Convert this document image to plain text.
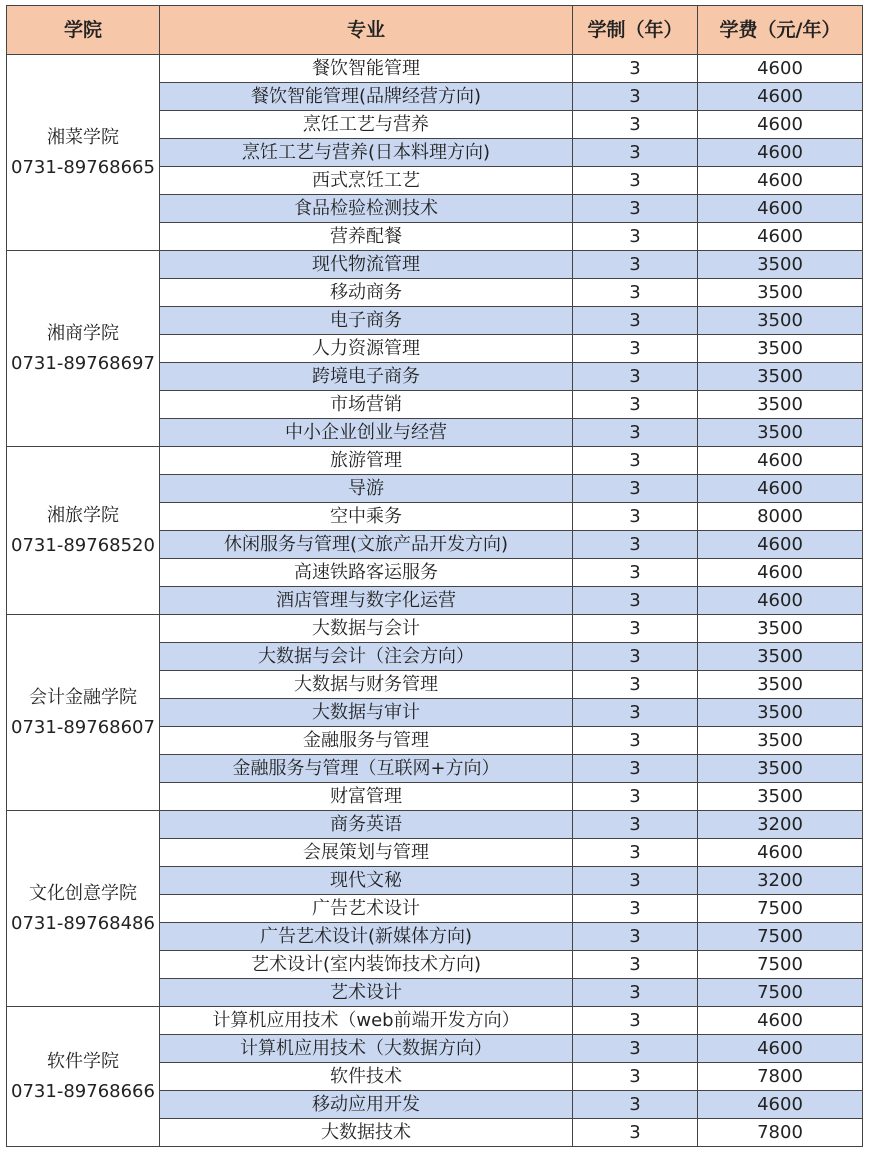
学院	专业	学制（年）	学费（元/年）

湘菜学院
0731-89768665	餐饮智能管理	3	4600
	餐饮智能管理(品牌经营方向)	3	4600
	烹饪工艺与营养	3	4600
	烹饪工艺与营养(日本料理方向)	3	4600
	西式烹饪工艺	3	4600
	食品检验检测技术	3	4600
	营养配餐	3	4600

湘商学院
0731-89768697	现代物流管理	3	3500
	移动商务	3	3500
	电子商务	3	3500
	人力资源管理	3	3500
	跨境电子商务	3	3500
	市场营销	3	3500
	中小企业创业与经营	3	3500

湘旅学院
0731-89768520	旅游管理	3	4600
	导游	3	4600
	空中乘务	3	8000
	休闲服务与管理(文旅产品开发方向)	3	4600
	高速铁路客运服务	3	4600
	酒店管理与数字化运营	3	4600

会计金融学院
0731-89768607	大数据与会计	3	3500
	大数据与会计（注会方向）	3	3500
	大数据与财务管理	3	3500
	大数据与审计	3	3500
	金融服务与管理	3	3500
	金融服务与管理（互联网+方向）	3	3500
	财富管理	3	3500

文化创意学院
0731-89768486	商务英语	3	3200
	会展策划与管理	3	4600
	现代文秘	3	3200
	广告艺术设计	3	7500
	广告艺术设计(新媒体方向)	3	7500
	艺术设计(室内装饰技术方向)	3	7500
	艺术设计	3	7500

软件学院
0731-89768666	计算机应用技术（web前端开发方向）	3	4600
	计算机应用技术（大数据方向）	3	4600
	软件技术	3	7800
	移动应用开发	3	4600
	大数据技术	3	7800
